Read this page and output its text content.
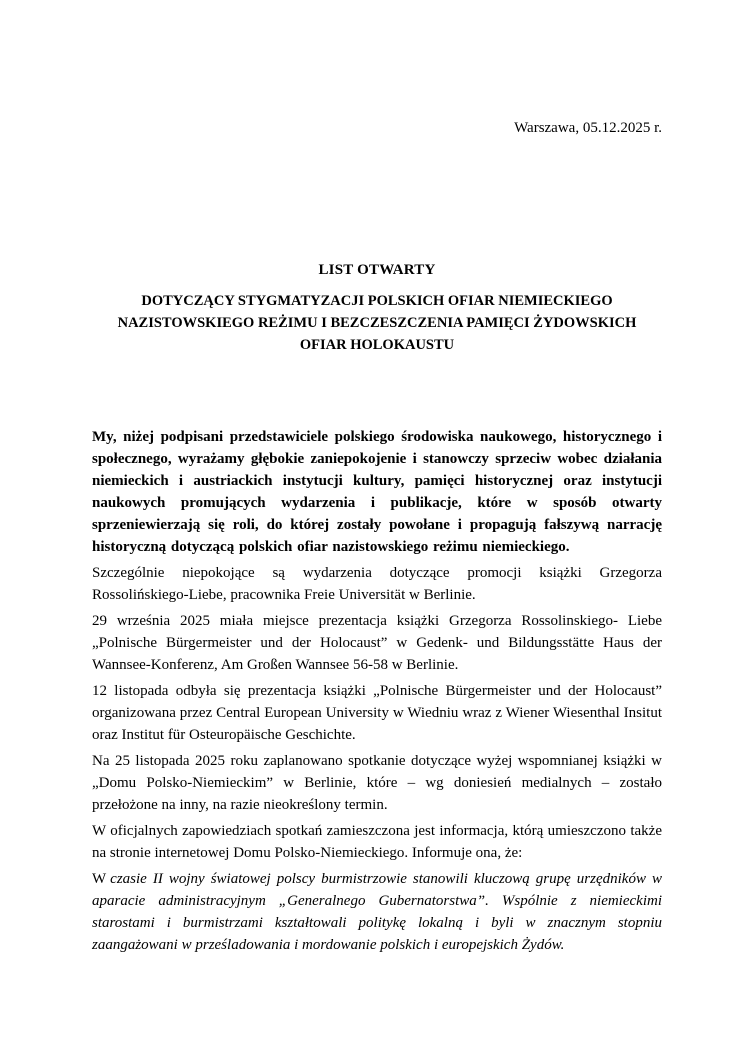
Warszawa, 05.12.2025 r.
LIST OTWARTY
DOTYCZĄCY STYGMATYZACJI POLSKICH OFIAR NIEMIECKIEGO
NAZISTOWSKIEGO REŻIMU I BEZCZESZCZENIA PAMIĘCI ŻYDOWSKICH
OFIAR HOLOKAUSTU

My, niżej podpisani przedstawiciele polskiego środowiska naukowego, historycznego i społecznego, wyrażamy głębokie zaniepokojenie i stanowczy sprzeciw wobec działania niemieckich i austriackich instytucji kultury, pamięci historycznej oraz instytucji naukowych promujących wydarzenia i publikacje, które w sposób otwarty sprzeniewierzają się roli, do której zostały powołane i propagują fałszywą narrację historyczną dotyczącą polskich ofiar nazistowskiego reżimu niemieckiego.

Szczególnie niepokojące są wydarzenia dotyczące promocji książki Grzegorza Rossolińskiego-Liebe, pracownika Freie Universität w Berlinie.

29 września 2025 miała miejsce prezentacja książki Grzegorza Rossolinskiego- Liebe „Polnische Bürgermeister und der Holocaust” w Gedenk- und Bildungsstätte Haus der Wannsee-Konferenz, Am Großen Wannsee 56-58 w Berlinie.

12 listopada odbyła się prezentacja książki „Polnische Bürgermeister und der Holocaust” organizowana przez Central European University w Wiedniu wraz z Wiener Wiesenthal Insitut oraz Institut für Osteuropäische Geschichte.

Na 25 listopada 2025 roku zaplanowano spotkanie dotyczące wyżej wspomnianej książki w „Domu Polsko-Niemieckim” w Berlinie, które – wg doniesień medialnych – zostało przełożone na inny, na razie nieokreślony termin.

W oficjalnych zapowiedziach spotkań zamieszczona jest informacja, którą umieszczono także na stronie internetowej Domu Polsko-Niemieckiego. Informuje ona, że:

W czasie II wojny światowej polscy burmistrzowie stanowili kluczową grupę urzędników w aparacie administracyjnym „Generalnego Gubernatorstwa”. Wspólnie z niemieckimi starostami i burmistrzami kształtowali politykę lokalną i byli w znacznym stopniu zaangażowani w prześladowania i mordowanie polskich i europejskich Żydów.
